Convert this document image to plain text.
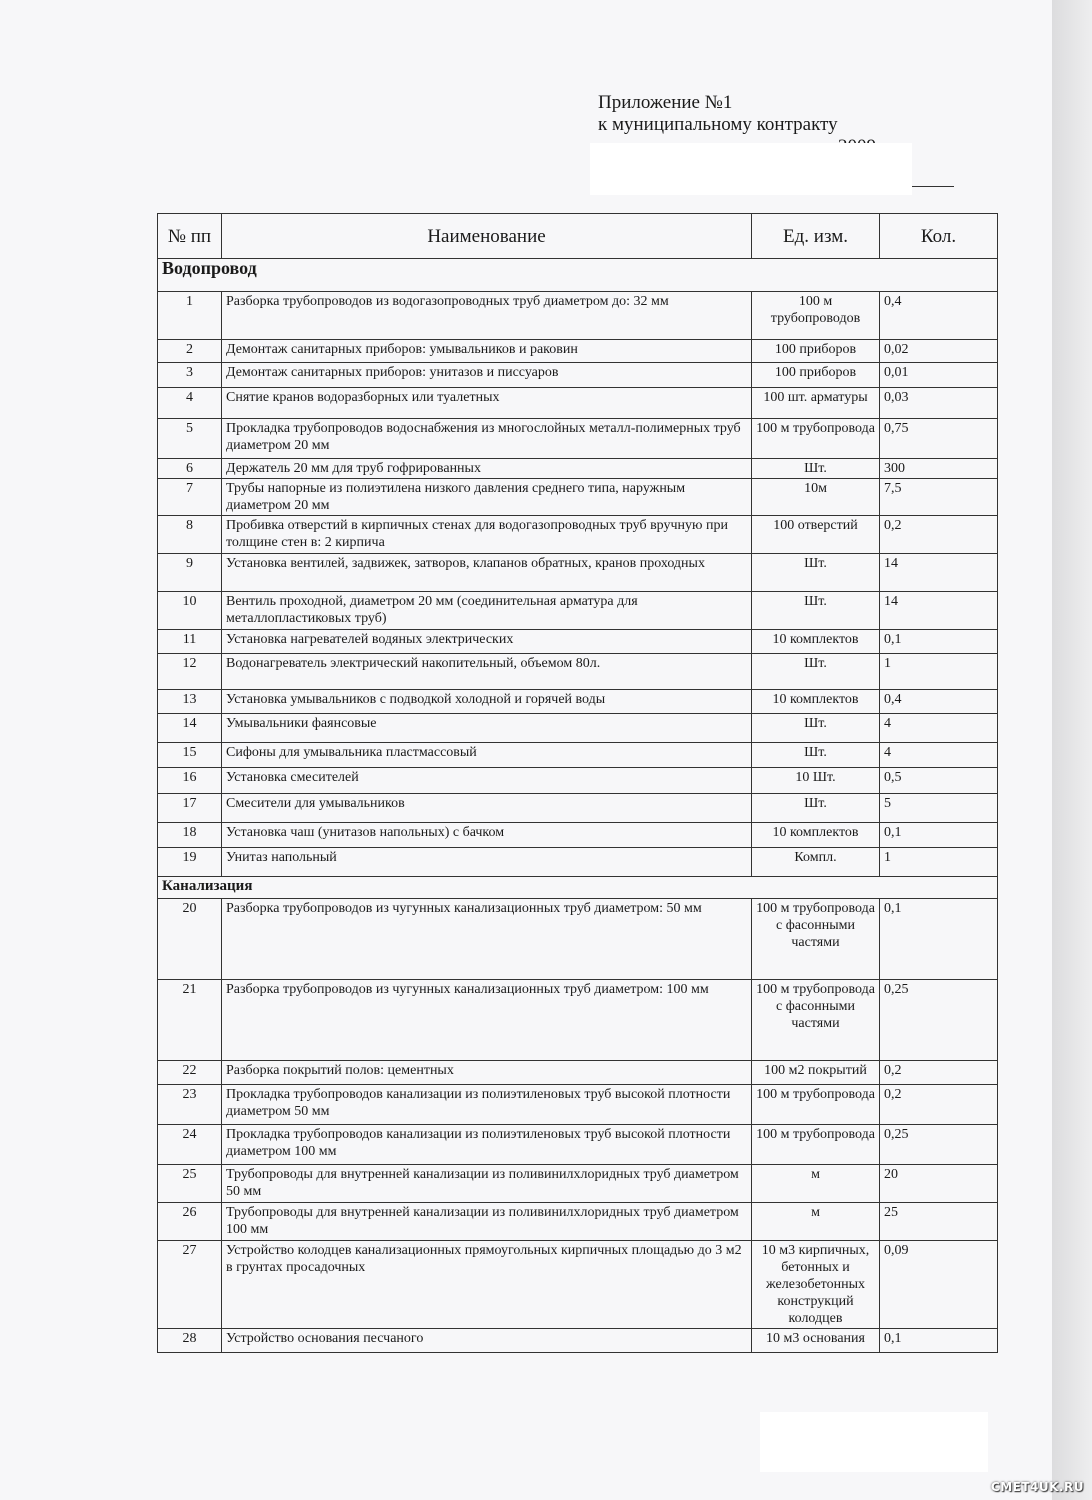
Приложение №1
к муниципальному контракту
№ пп	Наименование	Ед. изм.	Кол.
Водопровод			
1	Разборка трубопроводов из водогазопроводных труб диаметром до: 32 мм	100 м трубопроводов	0,4
2	Демонтаж санитарных приборов: умывальников и раковин	100 приборов	0,02
3	Демонтаж санитарных приборов: унитазов и писсуаров	100 приборов	0,01
4	Снятие кранов водоразборных или туалетных	100 шт. арматуры	0,03
5	Прокладка трубопроводов водоснабжения из многослойных металл-полимерных труб диаметром 20 мм	100 м трубопровода	0,75
6	Держатель 20 мм для труб гофрированных	Шт.	300
7	Трубы напорные из полиэтилена низкого давления среднего типа, наружным диаметром 20 мм	10м	7,5
8	Пробивка отверстий в кирпичных стенах для водогазопроводных труб вручную при толщине стен в: 2 кирпича	100 отверстий	0,2
9	Установка вентилей, задвижек, затворов, клапанов обратных, кранов проходных	Шт.	14
10	Вентиль проходной, диаметром 20 мм (соединительная арматура для металлопластиковых труб)	Шт.	14
11	Установка нагревателей водяных электрических	10 комплектов	0,1
12	Водонагреватель электрический накопительный, объемом 80л.	Шт.	1
13	Установка умывальников с подводкой холодной и горячей воды	10 комплектов	0,4
14	Умывальники фаянсовые	Шт.	4
15	Сифоны для умывальника пластмассовый	Шт.	4
16	Установка смесителей	10 Шт.	0,5
17	Смесители для умывальников	Шт.	5
18	Установка чаш (унитазов напольных) с бачком	10 комплектов	0,1
19	Унитаз напольный	Компл.	1
Канализация			
20	Разборка трубопроводов из чугунных канализационных труб диаметром: 50 мм	100 м трубопровода с фасонными частями	0,1
21	Разборка трубопроводов из чугунных канализационных труб диаметром: 100 мм	100 м трубопровода с фасонными частями	0,25
22	Разборка покрытий полов: цементных	100 м2 покрытий	0,2
23	Прокладка трубопроводов канализации из полиэтиленовых труб высокой плотности диаметром 50 мм	100 м трубопровода	0,2
24	Прокладка трубопроводов канализации из полиэтиленовых труб высокой плотности диаметром 100 мм	100 м трубопровода	0,25
25	Трубопроводы для внутренней канализации из поливинилхлоридных труб диаметром 50 мм	м	20
26	Трубопроводы для внутренней канализации из поливинилхлоридных труб диаметром 100 мм	м	25
27	Устройство колодцев канализационных прямоугольных кирпичных площадью до 3 м2 в грунтах просадочных	10 м3 кирпичных, бетонных и железобетонных конструкций колодцев	0,09
28	Устройство основания песчаного	10 м3 основания	0,1
CMET4UK.RU
